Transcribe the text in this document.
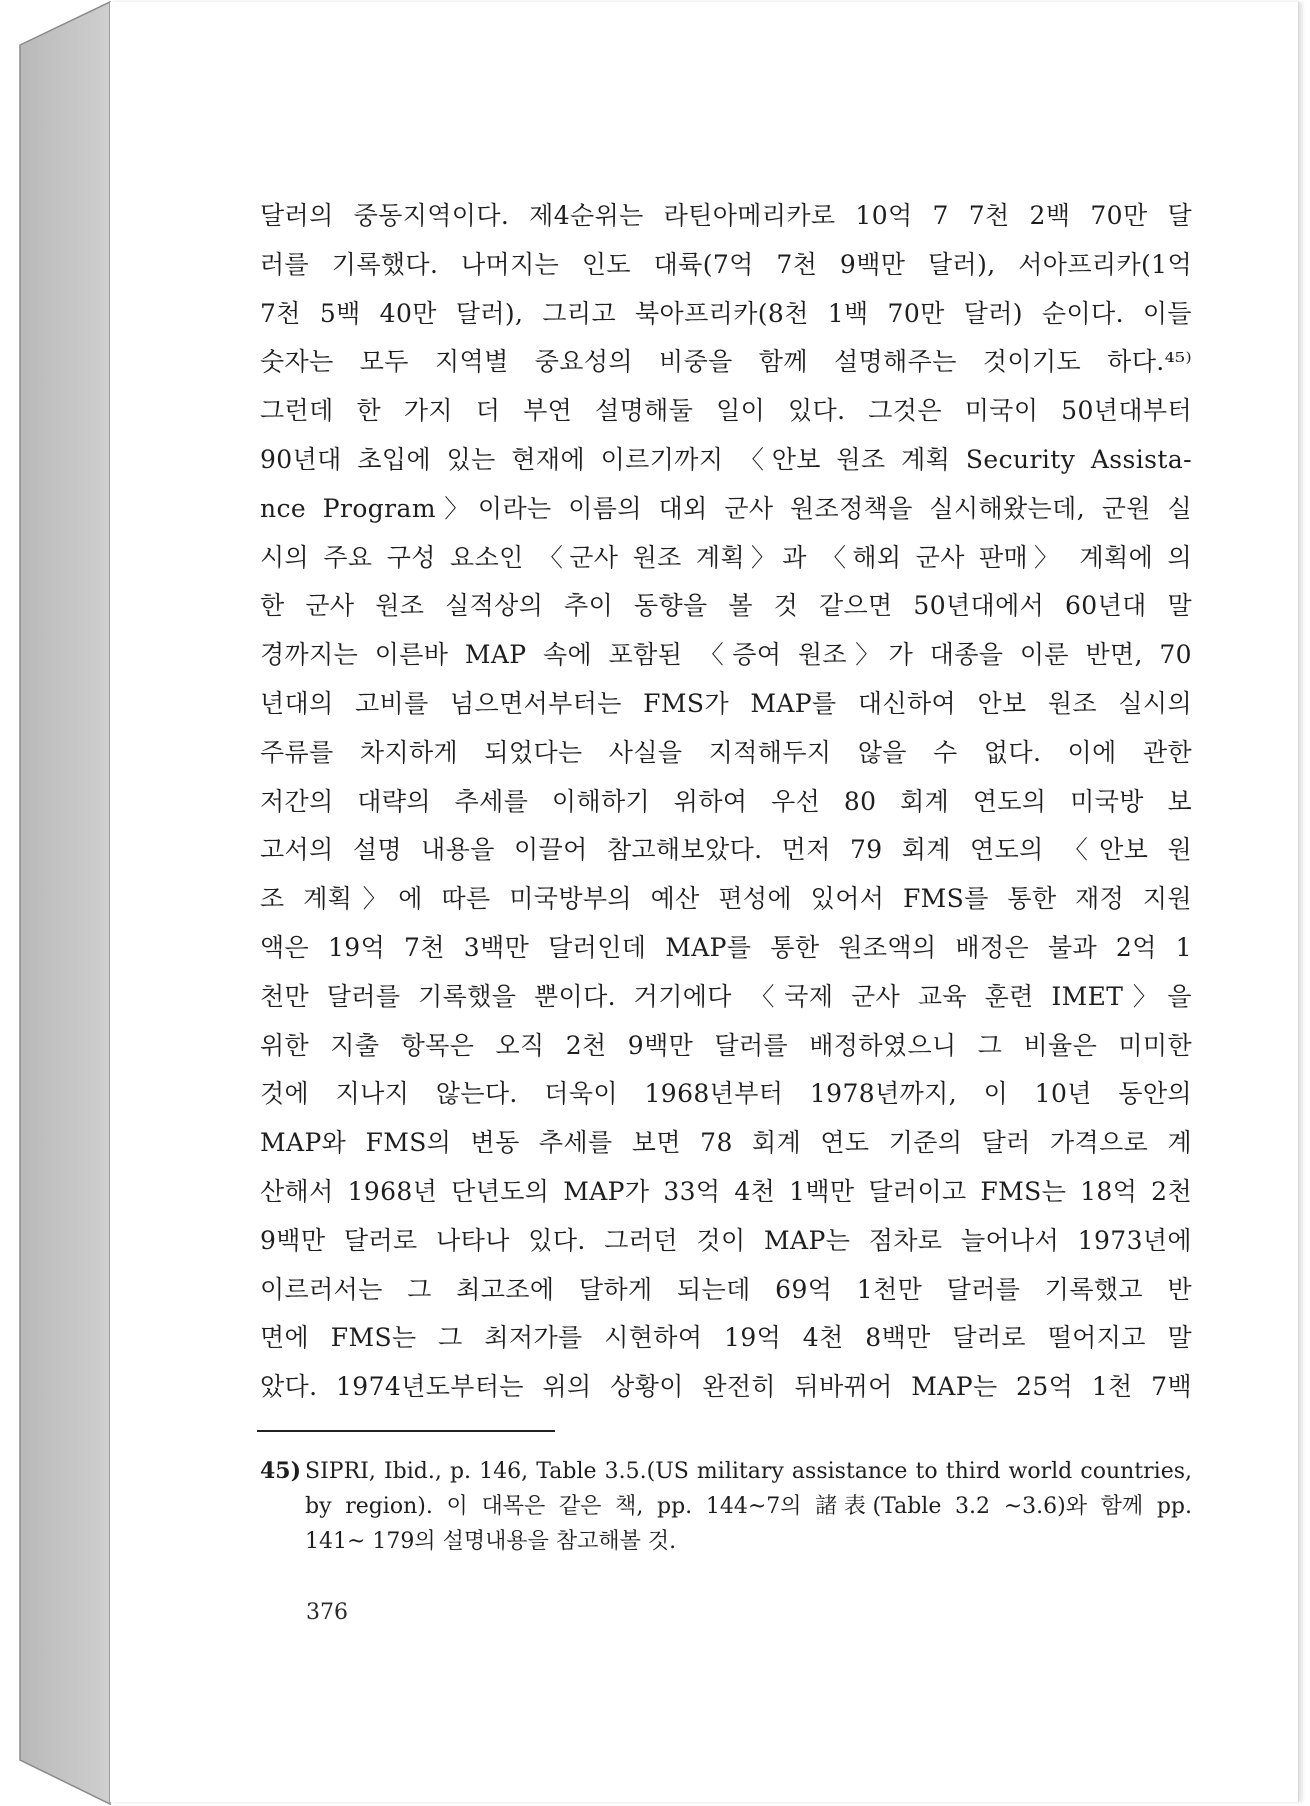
달러의 중동지역이다. 제4순위는 라틴아메리카로 10억 7 7천 2백 70만 달
러를 기록했다. 나머지는 인도 대륙(7억 7천 9백만 달러), 서아프리카(1억
7천 5백 40만 달러), 그리고 북아프리카(8천 1백 70만 달러) 순이다. 이들
숫자는 모두 지역별 중요성의 비중을 함께 설명해주는 것이기도 하다.⁴⁵⁾
그런데 한 가지 더 부연 설명해둘 일이 있다. 그것은 미국이 50년대부터
90년대 초입에 있는 현재에 이르기까지 〈안보 원조 계획 Security Assista-
nce Program〉이라는 이름의 대외 군사 원조정책을 실시해왔는데, 군원 실
시의 주요 구성 요소인 〈군사 원조 계획〉과 〈해외 군사 판매〉 계획에 의
한 군사 원조 실적상의 추이 동향을 볼 것 같으면 50년대에서 60년대 말
경까지는 이른바 MAP 속에 포함된 〈증여 원조〉가 대종을 이룬 반면, 70
년대의 고비를 넘으면서부터는 FMS가 MAP를 대신하여 안보 원조 실시의
주류를 차지하게 되었다는 사실을 지적해두지 않을 수 없다. 이에 관한
저간의 대략의 추세를 이해하기 위하여 우선 80 회계 연도의 미국방 보
고서의 설명 내용을 이끌어 참고해보았다. 먼저 79 회계 연도의 〈안보 원
조 계획〉에 따른 미국방부의 예산 편성에 있어서 FMS를 통한 재정 지원
액은 19억 7천 3백만 달러인데 MAP를 통한 원조액의 배정은 불과 2억 1
천만 달러를 기록했을 뿐이다. 거기에다 〈국제 군사 교육 훈련 IMET〉을
위한 지출 항목은 오직 2천 9백만 달러를 배정하였으니 그 비율은 미미한
것에 지나지 않는다. 더욱이 1968년부터 1978년까지, 이 10년 동안의
MAP와 FMS의 변동 추세를 보면 78 회계 연도 기준의 달러 가격으로 계
산해서 1968년 단년도의 MAP가 33억 4천 1백만 달러이고 FMS는 18억 2천
9백만 달러로 나타나 있다. 그러던 것이 MAP는 점차로 늘어나서 1973년에
이르러서는 그 최고조에 달하게 되는데 69억 1천만 달러를 기록했고 반
면에 FMS는 그 최저가를 시현하여 19억 4천 8백만 달러로 떨어지고 말
았다. 1974년도부터는 위의 상황이 완전히 뒤바뀌어 MAP는 25억 1천 7백
45) SIPRI, Ibid., p. 146, Table 3.5.(US military assistance to third world countries,
by region). 이 대목은 같은 책, pp. 144~7의 諸表(Table 3.2 ~3.6)와 함께 pp.
141~ 179의 설명내용을 참고해볼 것.
376
